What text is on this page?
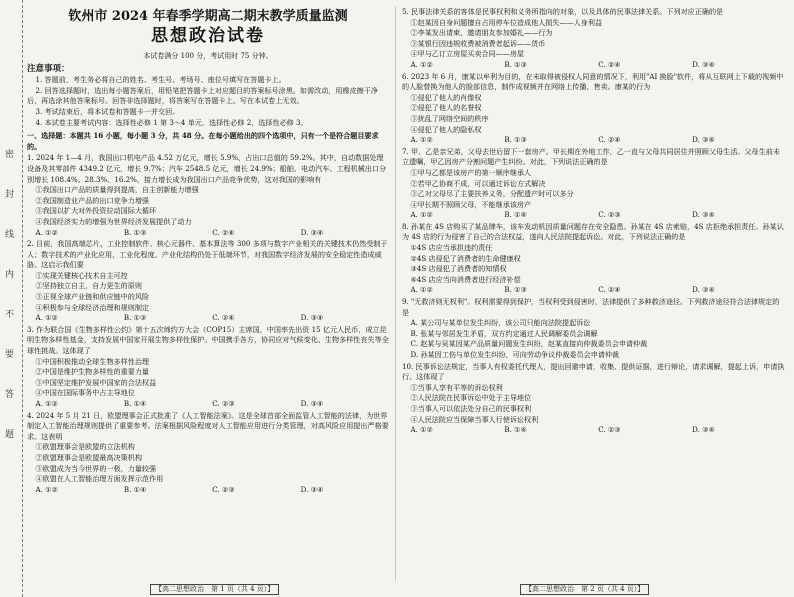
密
封
线
内
不
要
答
题
钦州市 2024 年春季学期高二期末教学质量监测
思想政治试卷
本试卷满分 100 分，考试用时 75 分钟。
注意事项：
1. 答题前，考生务必将自己的姓名、考生号、考场号、座位号填写在答题卡上。
2. 回答选择题时，选出每小题答案后，用铅笔把答题卡上对应题目的答案标号涂黑。如需改动，用橡皮擦干净后，再选涂其他答案标号。回答非选择题时，将答案写在答题卡上。写在本试卷上无效。
3. 考试结束后，将本试卷和答题卡一并交回。
4. 本试卷主要考试内容：选择性必修 1 第 3～4 单元，选择性必修 2，选择性必修 3。
一、选择题：本题共 16 小题，每小题 3 分，共 48 分。在每小题给出的四个选项中，只有一个是符合题目要求的。
1. 2024 年 1—4 月，我国出口机电产品 4.52 万亿元，增长 5.9%，占出口总值的 59.2%。其中，自动数据处理设备及其零部件 4349.2 亿元，增长 9.7%；汽车 2548.5 亿元，增长 24.9%；船舶、电动汽车、工程机械出口分别增长 108.4%、28.3%、16.2%，接力增长成为我国出口产品竞争优势，这对我国的影响有
①我国出口产品的质量得到提高，自主创新能力增强
②我国制造业产品的出口竞争力增强
③我国以扩大对外投资拉动国际大循环
④我国经济实力的增强为世界经济发展提供了动力
A. ①②	B. ①③	C. ②④	D. ③④
2. 目前，我国高端芯片、工业控制软件、核心元器件、基本算法等 300 多项与数字产业相关的关键技术仍然受制于人；数字技术的产业化应用，工业化程度、产业化结构仍处于低端环节，对我国数字经济发展的安全稳定性造成威胁。这启示我们要
①实现关键核心技术自主可控
②坚持独立自主，自力更生的原则
③正视全球产业链和供应链中的风险
④积极参与全球经济治理和规则制定
A. ①②	B. ①③	C. ②④	D. ③④
3. 作为联合国《生物多样性公约》第十五次缔约方大会（COP15）主席国，中国率先出资 15 亿元人民币，成立昆明生物多样性基金，支持发展中国家开展生物多样性保护。中国携手各方，协同应对气候变化、生物多样性丧失等全球性挑战。这体现了
①中国积极推动全球生物多样性治理
②中国是维护生物多样性的重要力量
③中国坚定维护发展中国家的合法权益
④中国在国际事务中占主导地位
A. ①②	B. ①④	C. ②③	D. ③④
4. 2024 年 5 月 21 日，欧盟理事会正式批准了《人工智能法案》。这是全球首部全面监管人工智能的法律，为世界制定人工智能治理规则提供了重要参考。法案根据风险程度对人工智能应用进行分类管理，对高风险应用提出严格要求。这表明
①欧盟理事会是欧盟的立法机构
②欧盟理事会是欧盟最高决策机构
③欧盟成为当今世界的一极，力量较强
④欧盟在人工智能治理方面发挥示范作用
A. ①②	B. ①④	C. ②③	D. ③④
5. 民事法律关系的客体是民事权利和义务所指向的对象，以及具体的民事法律关系。下列对应正确的是
①赵某因自身问题擅自占用停车位造成他人损失——人身利益
②李某发出请柬，邀请朋友参加婚礼——行为
③某银行因违规收费被消费者起诉——货币
④甲与乙订立房屋买卖合同——房屋
A. ①②	B. ①③	C. ②④	D. ③④
6. 2023 年 6 月，康某以牟利为目的，在未取得被侵权人同意的情况下，利用"AI 换脸"软件，将从互联网上下载的视频中的人脸替换为他人的脸部信息，制作成视频并在网络上传播、售卖。康某的行为
①侵犯了他人的肖像权
②侵犯了他人的名誉权
③扰乱了网络空间的秩序
④侵犯了他人的隐私权
A. ①②	B. ①③	C. ②④	D. ③④
7. 甲、乙是亲兄弟，父母去世后留下一套房产。甲长期在外地工作，乙一直与父母共同居住并照顾父母生活。父母生前未立遗嘱，甲乙因房产分割问题产生纠纷。对此，下列说法正确的是
①甲与乙都是该房产的第一顺序继承人
②若甲乙协商不成，可以通过诉讼方式解决
③乙对父母尽了主要扶养义务，分配遗产时可以多分
④甲长期不照顾父母，不能继承该房产
A. ①②	B. ①④	C. ②③	D. ③④
8. 孙某在 4S 店购买了某品牌车，该车发动机因质量问题存在安全隐患。孙某在 4S 店索赔，4S 店拒绝承担责任。孙某认为 4S 店的行为侵害了自己的合法权益，遂向人民法院提起诉讼。对此，下列说法正确的是
①4S 店应当承担违约责任
②4S 店侵犯了消费者的生命健康权
③4S 店侵犯了消费者的知情权
④4S 店应当向消费者进行经济补偿
A. ①②	B. ①③	C. ②④	D. ③④
9. "无救济则无权利"。权利需要得到保护，当权利受到侵害时，法律提供了多种救济途径。下列救济途径符合法律规定的是
A. 某公司与某单位发生纠纷，该公司只能向法院提起诉讼
B. 张某与邻居发生矛盾，双方约定通过人民调解委员会调解
C. 赵某与吴某因某产品质量问题发生纠纷，赵某直接向仲裁委员会申请仲裁
D. 孙某因工伤与单位发生纠纷，可向劳动争议仲裁委员会申请仲裁
10. 民事诉讼法规定，当事人有权委托代理人，提出回避申请，收集、提供证据，进行辩论，请求调解，提起上诉，申请执行。这体现了
①当事人享有平等的诉讼权利
②人民法院在民事诉讼中处于主导地位
③当事人可以依法处分自己的民事权利
④人民法院应当保障当事人行使诉讼权利
A. ①②	B. ①④	C. ②③	D. ③④
【高二思想政治　第 1 页（共 4 页）】	【高二思想政治　第 2 页（共 4 页）】
